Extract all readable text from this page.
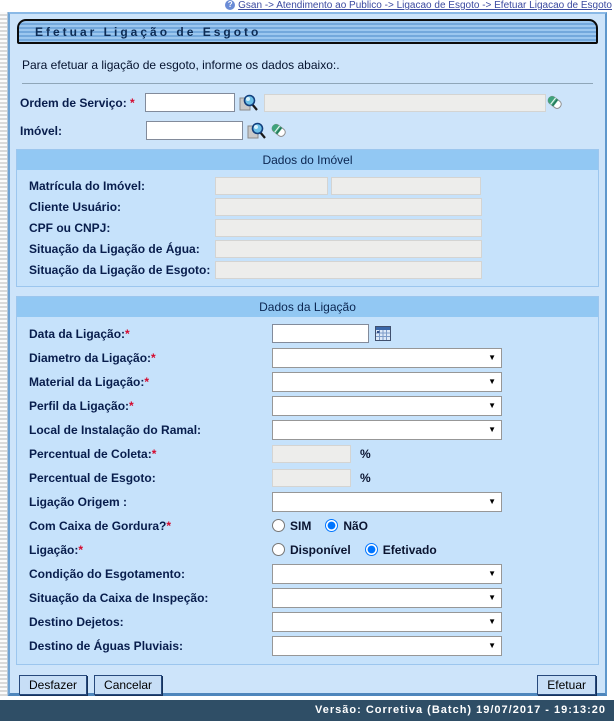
? Gsan -> Atendimento ao Publico -> Ligacao de Esgoto -> Efetuar Ligacao de Esgoto
Efetuar Ligação de Esgoto
Para efetuar a ligação de esgoto, informe os dados abaixo:.
Ordem de Serviço: *
Imóvel:
Dados do Imóvel
Matrícula do Imóvel:
Cliente Usuário:
CPF ou CNPJ:
Situação da Ligação de Água:
Situação da Ligação de Esgoto:
Dados da Ligação
Data da Ligação:*
Diametro da Ligação:*	▼
Material da Ligação:*	▼
Perfil da Ligação:*	▼
Local de Instalação do Ramal:	▼
Percentual de Coleta:*	%
Percentual de Esgoto:	%
Ligação Origem :	▼
Com Caixa de Gordura?*	SIM	NãO
Ligação:*	Disponível	Efetivado
Condição do Esgotamento:	▼
Situação da Caixa de Inspeção:	▼
Destino Dejetos:	▼
Destino de Águas Pluviais:	▼
Desfazer	Cancelar	Efetuar
Versão: Corretiva (Batch) 19/07/2017 - 19:13:20
